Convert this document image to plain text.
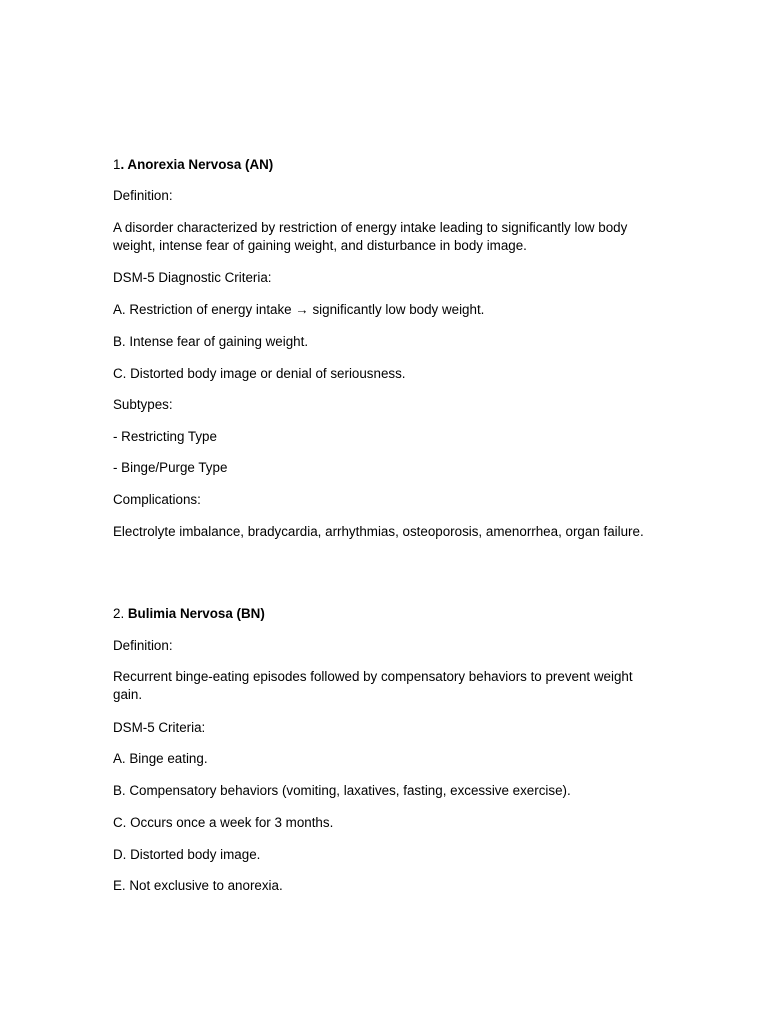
1. Anorexia Nervosa (AN)

Definition:

A disorder characterized by restriction of energy intake leading to significantly low body weight, intense fear of gaining weight, and disturbance in body image.

DSM-5 Diagnostic Criteria:

A. Restriction of energy intake → significantly low body weight.

B. Intense fear of gaining weight.

C. Distorted body image or denial of seriousness.

Subtypes:

- Restricting Type

- Binge/Purge Type

Complications:

Electrolyte imbalance, bradycardia, arrhythmias, osteoporosis, amenorrhea, organ failure.

2. Bulimia Nervosa (BN)

Definition:

Recurrent binge-eating episodes followed by compensatory behaviors to prevent weight gain.

DSM-5 Criteria:

A. Binge eating.

B. Compensatory behaviors (vomiting, laxatives, fasting, excessive exercise).

C. Occurs once a week for 3 months.

D. Distorted body image.

E. Not exclusive to anorexia.
